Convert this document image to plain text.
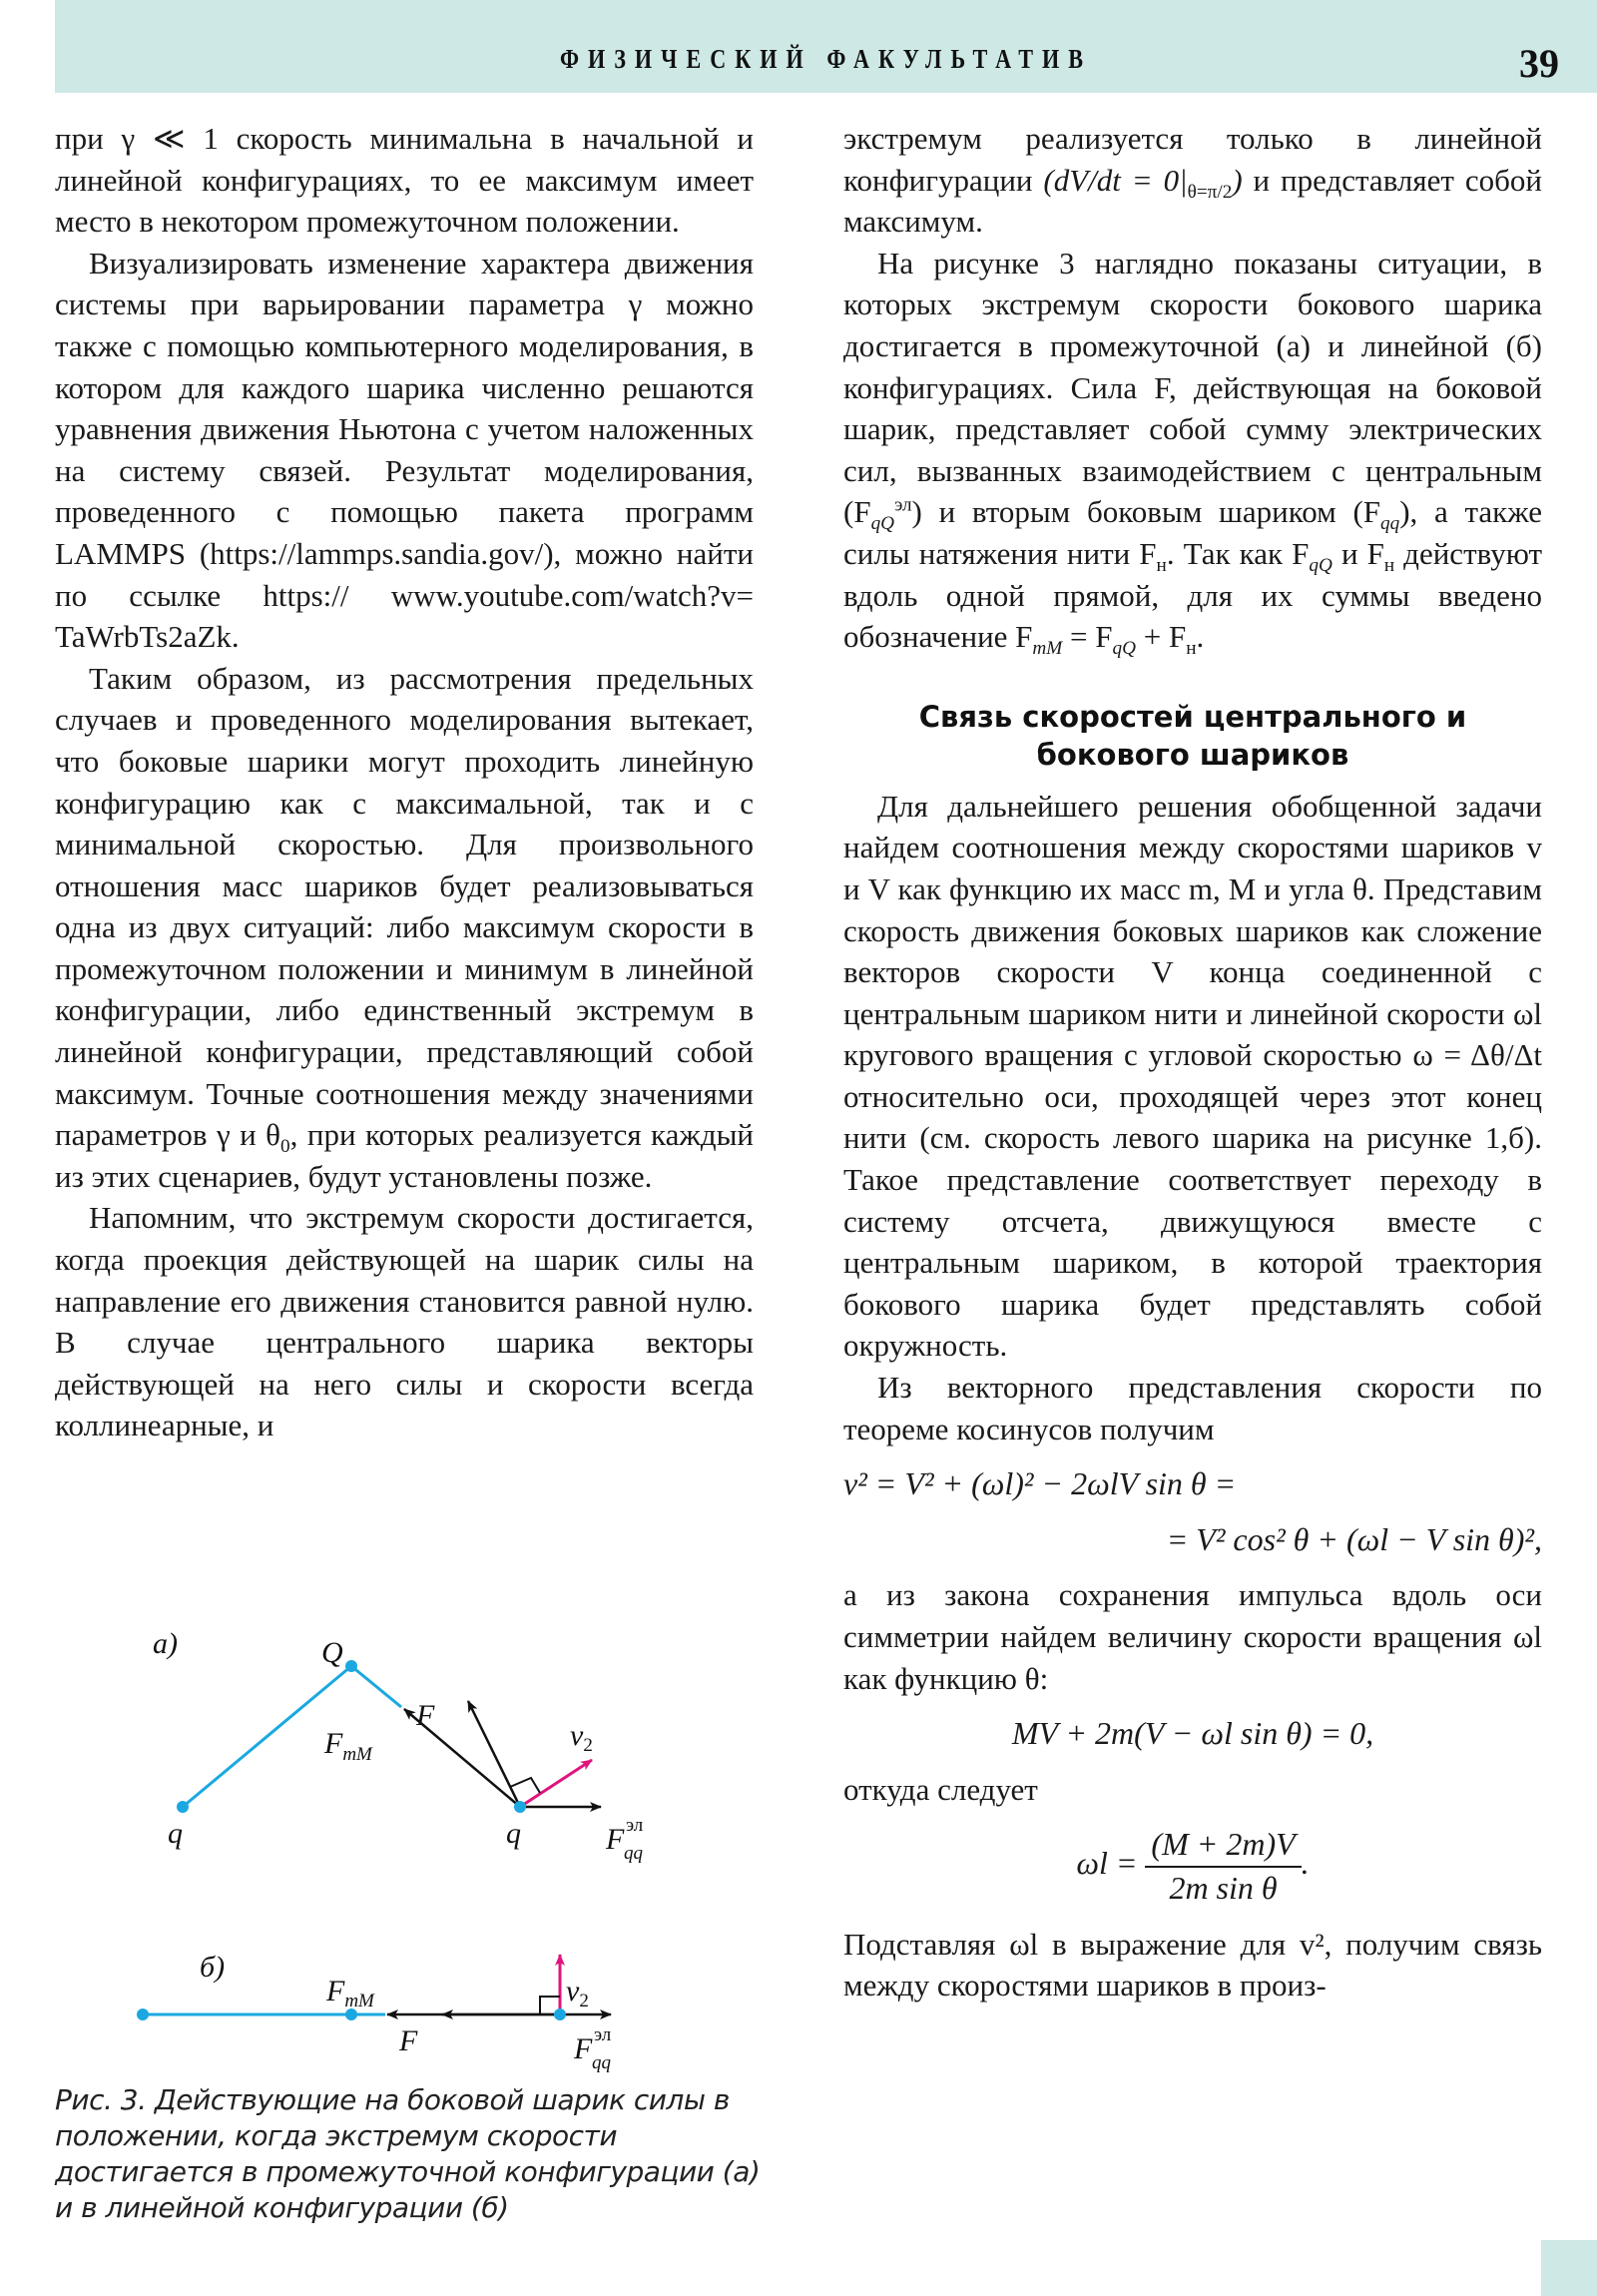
ФИЗИЧЕСКИЙ ФАКУЛЬТАТИВ	39

при γ ≪ 1 скорость минимальна в начальной и линейной конфигурациях, то ее максимум имеет место в некотором промежуточном положении.

Визуализировать изменение характера движения системы при варьировании параметра γ можно также с помощью компьютерного моделирования, в котором для каждого шарика численно решаются уравнения движения Ньютона с учетом наложенных на систему связей. Результат моделирования, проведенного с помощью пакета программ LAMMPS (https://lammps.sandia.gov/), можно найти по ссылке https:// www.youtube.com/watch?v= TaWrbTs2aZk.

Таким образом, из рассмотрения предельных случаев и проведенного моделирования вытекает, что боковые шарики могут проходить линейную конфигурацию как с максимальной, так и с минимальной скоростью. Для произвольного отношения масс шариков будет реализовываться одна из двух ситуаций: либо максимум скорости в промежуточном положении и минимум в линейной конфигурации, либо единственный экстремум в линейной конфигурации, представляющий собой максимум. Точные соотношения между значениями параметров γ и $\theta_0$, при которых реализуется каждый из этих сценариев, будут установлены позже.

Напомним, что экстремум скорости достигается, когда проекция действующей на шарик силы на направление его движения становится равной нулю. В случае центрального шарика векторы действующей на него силы и скорости всегда коллинеарные, и

а)	Q
q	q
F
$F_{mM}$
$v_2$
F эл
qq
б)
$F_{mM}$
F
$v_2$
F эл
qq
Рис. 3. Действующие на боковой шарик силы в положении, когда экстремум скорости достигается в промежуточной конфигурации (а) и в линейной конфигурации (б)

экстремум реализуется только в линейной конфигурации $(dV/dt = 0|_{\theta=\pi/2})$ и представляет собой максимум.

На рисунке 3 наглядно показаны ситуации, в которых экстремум скорости бокового шарика достигается в промежуточной (а) и линейной (б) конфигурациях. Сила F, действующая на боковой шарик, представляет собой сумму электрических сил, вызванных взаимодействием с центральным $(F_{qQ}^{эл})$ и вторым боковым шариком $(F_{qq})$, а также силы натяжения нити $F_н$. Так как $F_{qQ}$ и $F_н$ действуют вдоль одной прямой, для их суммы введено обозначение $F_{mM} = F_{qQ} + F_н$.

Связь скоростей центрального и бокового шариков

Для дальнейшего решения обобщенной задачи найдем соотношения между скоростями шариков v и V как функцию их масс m, M и угла θ. Представим скорость движения боковых шариков как сложение векторов скорости V конца соединенной с центральным шариком нити и линейной скорости ωl кругового вращения с угловой скоростью ω = Δθ/Δt относительно оси, проходящей через этот конец нити (см. скорость левого шарика на рисунке 1,б). Такое представление соответствует переходу в систему отсчета, движущуюся вместе с центральным шариком, в которой траектория бокового шарика будет представлять собой окружность.

Из векторного представления скорости по теореме косинусов получим

v² = V² + (ωl)² − 2ωlV sin θ =
= V² cos² θ + (ωl − V sin θ)²,

а из закона сохранения импульса вдоль оси симметрии найдем величину скорости вращения ωl как функцию θ:

MV + 2m(V − ωl sin θ) = 0,

откуда следует

$\omega l = \frac{(M + 2m)V}{\text{2m sin θ}}$ .

Подставляя ωl в выражение для v², получим связь между скоростями шариков в произ-
